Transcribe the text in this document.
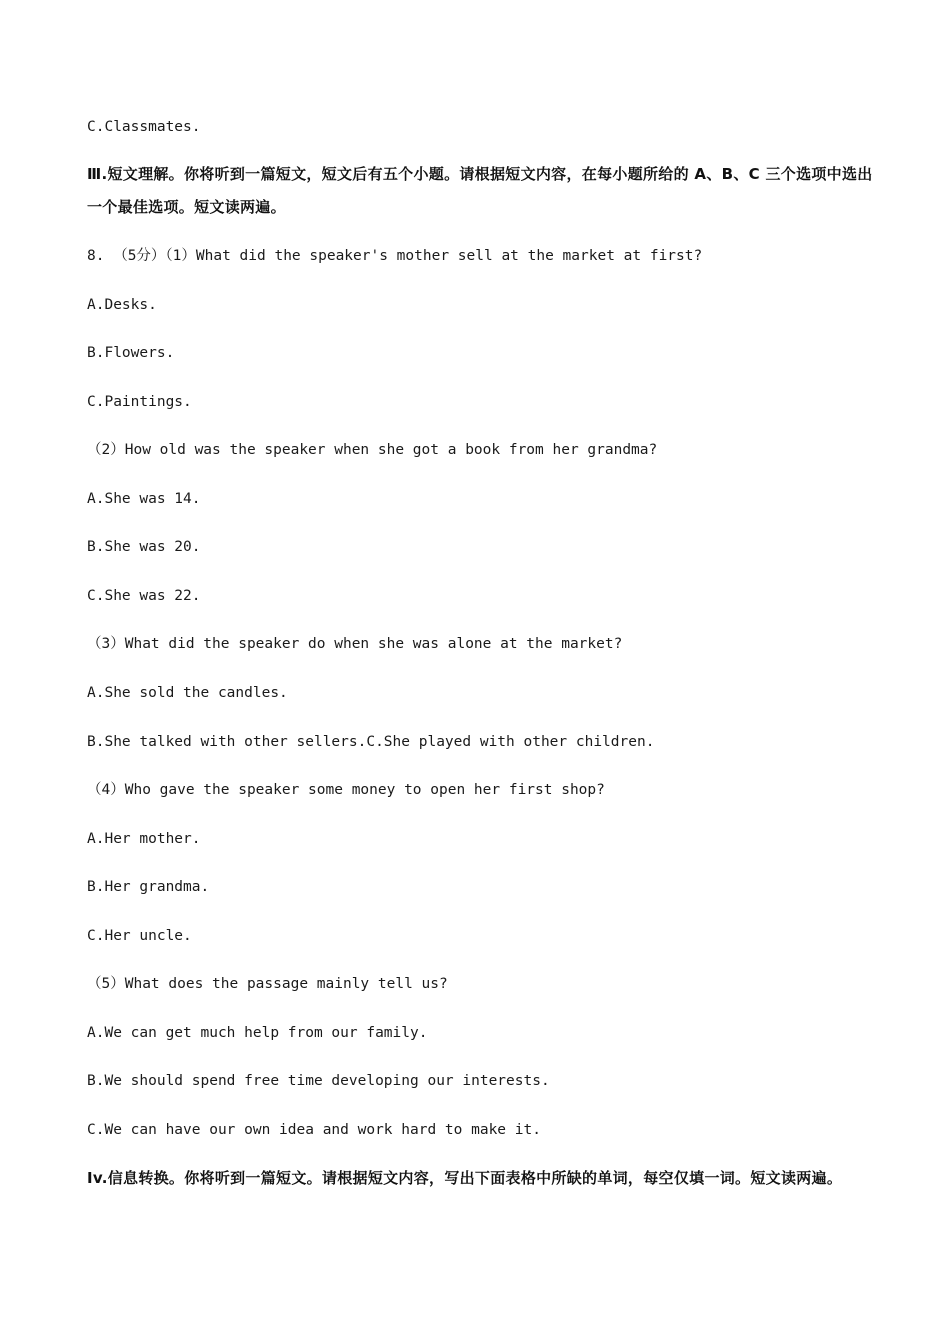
C.Classmates.
Ⅲ.短文理解。你将听到一篇短文，短文后有五个小题。请根据短文内容，在每小题所给的 A、B、C 三个选项中选出一个最佳选项。短文读两遍。
8. （5分）（1）What did the speaker's mother sell at the market at first?
A.Desks.
B.Flowers.
C.Paintings.
（2）How old was the speaker when she got a book from her grandma?
A.She was 14.
B.She was 20.
C.She was 22.
（3）What did the speaker do when she was alone at the market?
A.She sold the candles.
B.She talked with other sellers.C.She played with other children.
（4）Who gave the speaker some money to open her first shop?
A.Her mother.
B.Her grandma.
C.Her uncle.
（5）What does the passage mainly tell us?
A.We can get much help from our family.
B.We should spend free time developing our interests.
C.We can have our own idea and work hard to make it.
Iv.信息转换。你将听到一篇短文。请根据短文内容，写出下面表格中所缺的单词，每空仅填一词。短文读两遍。
